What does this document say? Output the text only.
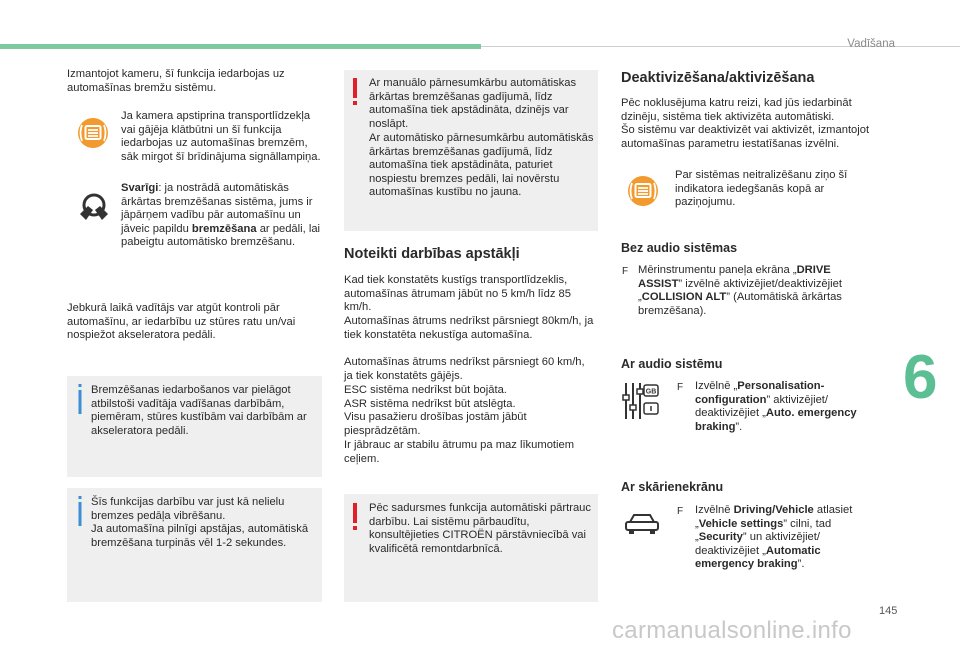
Vadīšana
Izmantojot kameru, šī funkcija iedarbojas uz automašīnas bremžu sistēmu.
Ja kamera apstiprina transportlīdzekļa vai gājēja klātbūtni un šī funkcija iedarbojas uz automašīnas bremzēm, sāk mirgot šī brīdinājuma signāllampiņa.
Svarīgi: ja nostrādā automātiskās ārkārtas bremzēšanas sistēma, jums ir jāpārņem vadību pār automašīnu un jāveic papildu bremzēšana ar pedāli, lai pabeigtu automātisko bremzēšanu.
Jebkurā laikā vadītājs var atgūt kontroli pār automašīnu, ar iedarbību uz stūres ratu un/vai nospiežot akseleratora pedāli.
Bremzēšanas iedarbošanos var pielāgot atbilstoši vadītāja vadīšanas darbībām, piemēram, stūres kustībām vai darbībām ar akseleratora pedāli.
Šīs funkcijas darbību var just kā nelielu bremzes pedāļa vibrēšanu.
Ja automašīna pilnīgi apstājas, automātiskā bremzēšana turpinās vēl 1-2 sekundes.
Ar manuālo pārnesumkārbu automātiskas ārkārtas bremzēšanas gadījumā, līdz automašīna tiek apstādināta, dzinējs var noslāpt.
Ar automātisko pārnesumkārbu automātiskās ārkārtas bremzēšanas gadījumā, līdz automašīna tiek apstādināta, paturiet nospiestu bremzes pedāli, lai novērstu automašīnas kustību no jauna.
Noteikti darbības apstākļi
Kad tiek konstatēts kustīgs transportlīdzeklis, automašīnas ātrumam jābūt no 5 km/h līdz 85 km/h.
Automašīnas ātrums nedrīkst pārsniegt 80km/h, ja tiek konstatēta nekustīga automašīna.
Automašīnas ātrums nedrīkst pārsniegt 60 km/h, ja tiek konstatēts gājējs.
ESC sistēma nedrīkst būt bojāta.
ASR sistēma nedrīkst būt atslēgta.
Visu pasažieru drošības jostām jābūt piesprādzētām.
Ir jābrauc ar stabilu ātrumu pa maz līkumotiem ceļiem.
Pēc sadursmes funkcija automātiski pārtrauc darbību. Lai sistēmu pārbaudītu, konsultējieties CITROËN pārstāvniecībā vai kvalificētā remontdarbnīcā.
Deaktivizēšana/aktivizēšana
Pēc noklusējuma katru reizi, kad jūs iedarbināt dzinēju, sistēma tiek aktivizēta automātiski.
Šo sistēmu var deaktivizēt vai aktivizēt, izmantojot automašīnas parametru iestatīšanas izvēlni.
Par sistēmas neitralizēšanu ziņo šī indikatora iedegšanās kopā ar paziņojumu.
Bez audio sistēmas
F Mērinstrumentu paneļa ekrāna „DRIVE ASSIST” izvēlnē aktivizējiet/deaktivizējiet „COLLISION ALT” (Automātiskā ārkārtas bremzēšana).
Ar audio sistēmu
GB F Izvēlnē „Personalisation-configuration” aktivizējiet/ deaktivizējiet „Auto. emergency braking”.
Ar skārienekrānu
F Izvēlnē Driving/Vehicle atlasiet „Vehicle settings” cilni, tad „Security” un aktivizējiet/ deaktivizējiet „Automatic emergency braking”.
6
145
carmanualsonline.info
